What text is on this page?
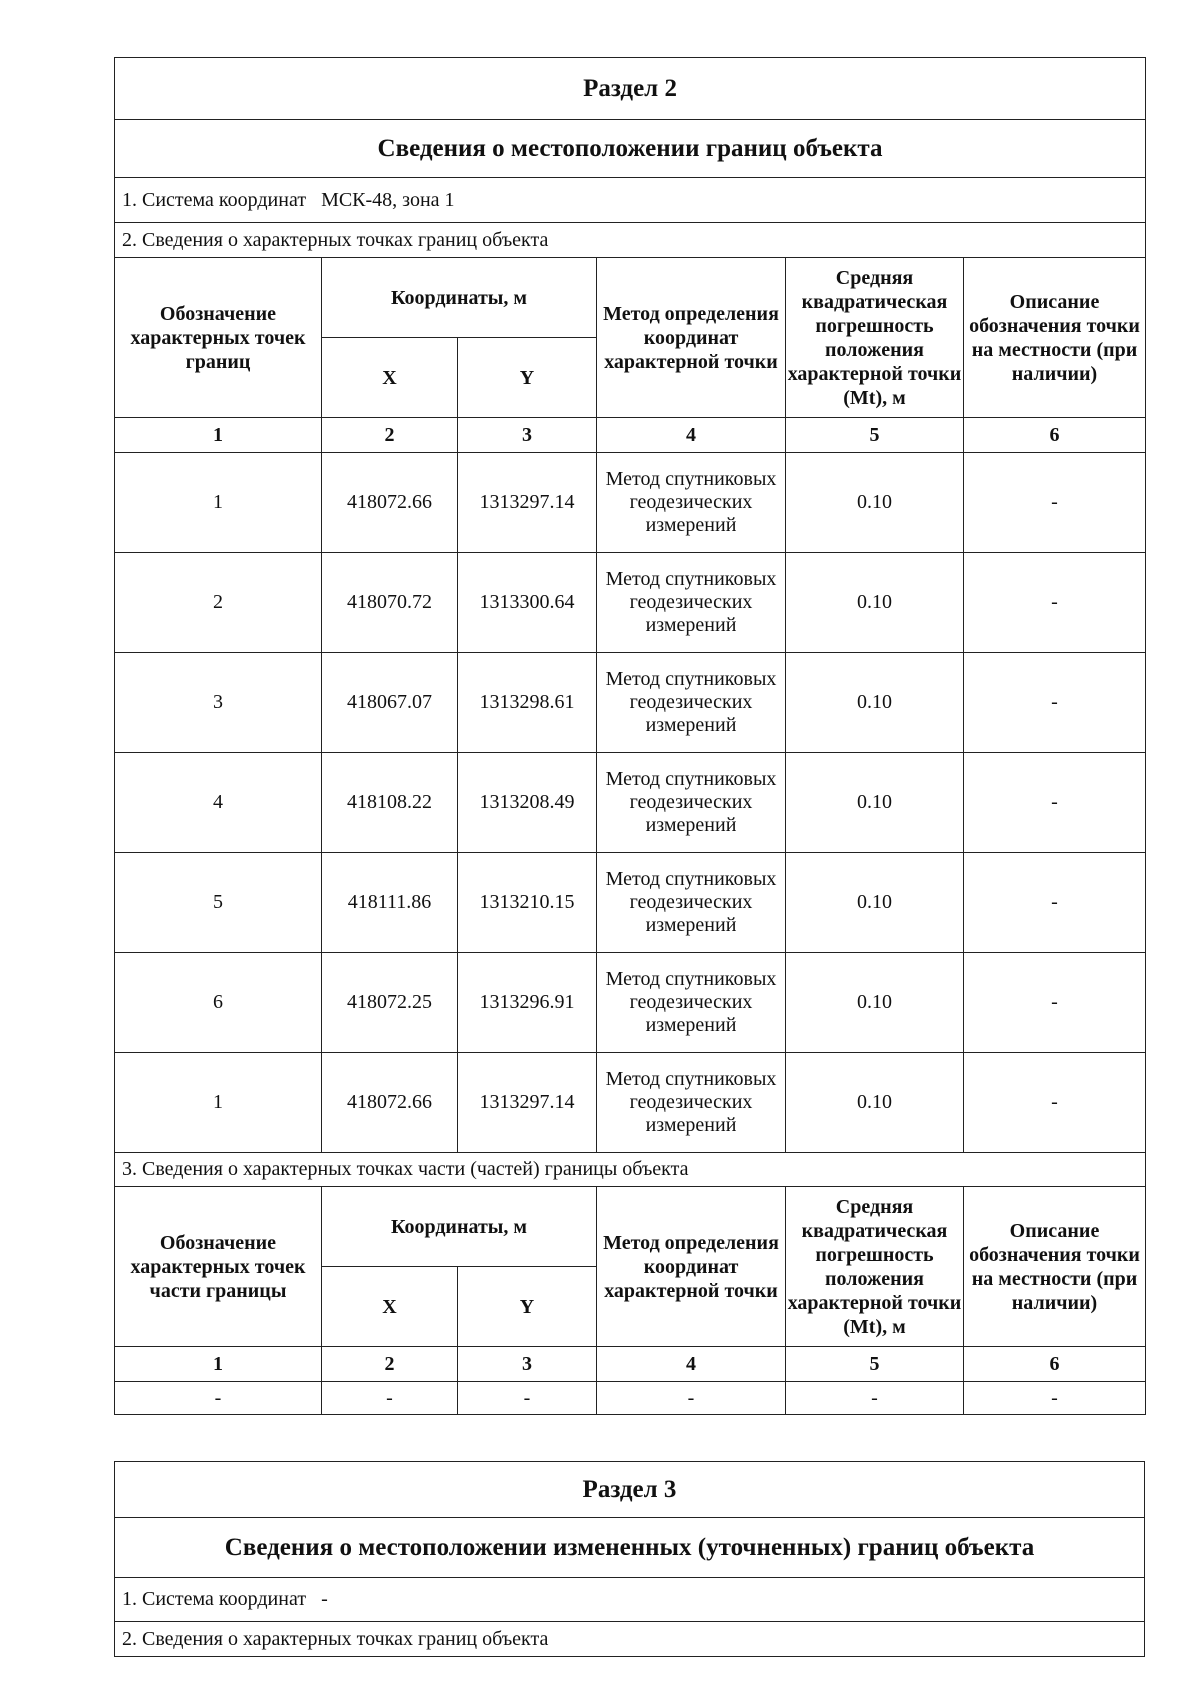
Раздел 2					
Сведения о местоположении границ объекта					
1. Система координат МСК-48, зона 1					
2. Сведения о характерных точках границ объекта					
Обозначение характерных точек границ	Координаты, м		Метод определения координат характерной точки	Средняя квадратическая погрешность положения характерной точки (Mt), м	Описание обозначения точки на местности (при наличии)
	X	Y			
1	2	3	4	5	6
1	418072.66	1313297.14	Метод спутниковых геодезических измерений	0.10	-
2	418070.72	1313300.64	Метод спутниковых геодезических измерений	0.10	-
3	418067.07	1313298.61	Метод спутниковых геодезических измерений	0.10	-
4	418108.22	1313208.49	Метод спутниковых геодезических измерений	0.10	-
5	418111.86	1313210.15	Метод спутниковых геодезических измерений	0.10	-
6	418072.25	1313296.91	Метод спутниковых геодезических измерений	0.10	-
1	418072.66	1313297.14	Метод спутниковых геодезических измерений	0.10	-
3. Сведения о характерных точках части (частей) границы объекта					
Обозначение характерных точек части границы	Координаты, м		Метод определения координат характерной точки	Средняя квадратическая погрешность положения характерной точки (Mt), м	Описание обозначения точки на местности (при наличии)
	X	Y			
1	2	3	4	5	6
-	-	-	-	-	-
Раздел 3
Сведения о местоположении измененных (уточненных) границ объекта
1. Система координат -
2. Сведения о характерных точках границ объекта
